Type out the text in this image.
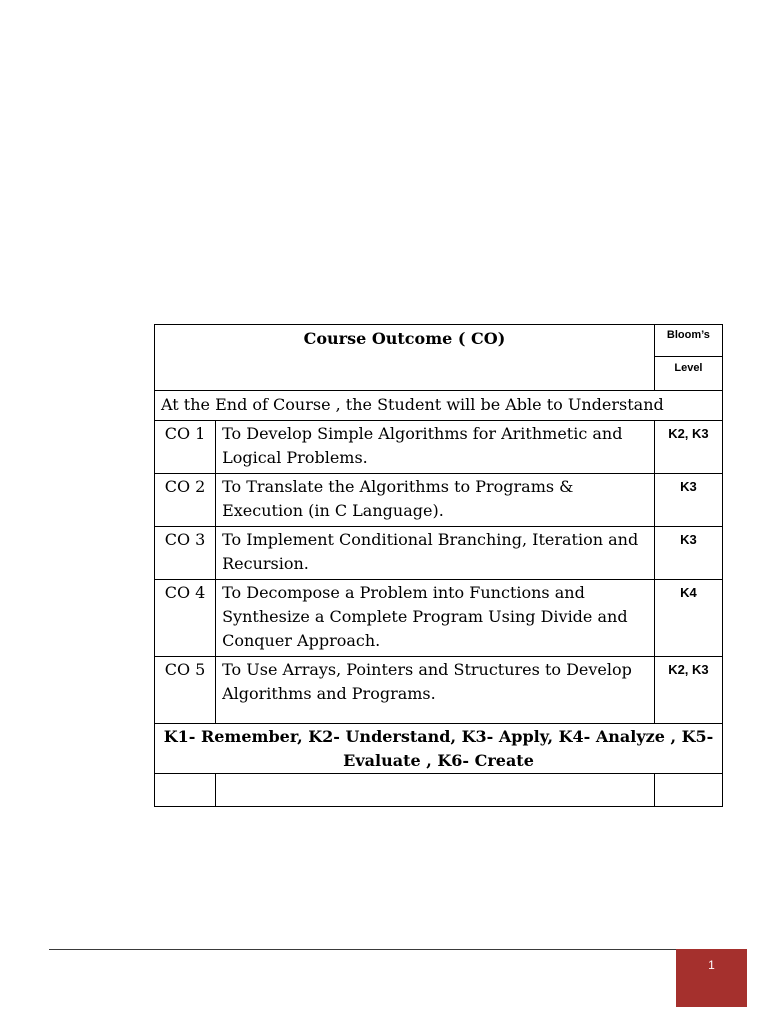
Course Outcome ( CO)		Bloom’s
		Level
At the End of Course , the Student will be Able to Understand		
CO 1	To Develop Simple Algorithms for Arithmetic and Logical Problems.	K2, K3
CO 2	To Translate the Algorithms to Programs & Execution (in C Language).	K3
CO 3	To Implement Conditional Branching, Iteration and Recursion.	K3
CO 4	To Decompose a Problem into Functions and Synthesize a Complete Program Using Divide and Conquer Approach.	K4
CO 5	To Use Arrays, Pointers and Structures to Develop Algorithms and Programs.	K2, K3
K1- Remember, K2- Understand, K3- Apply, K4- Analyze , K5- Evaluate , K6- Create		

1
